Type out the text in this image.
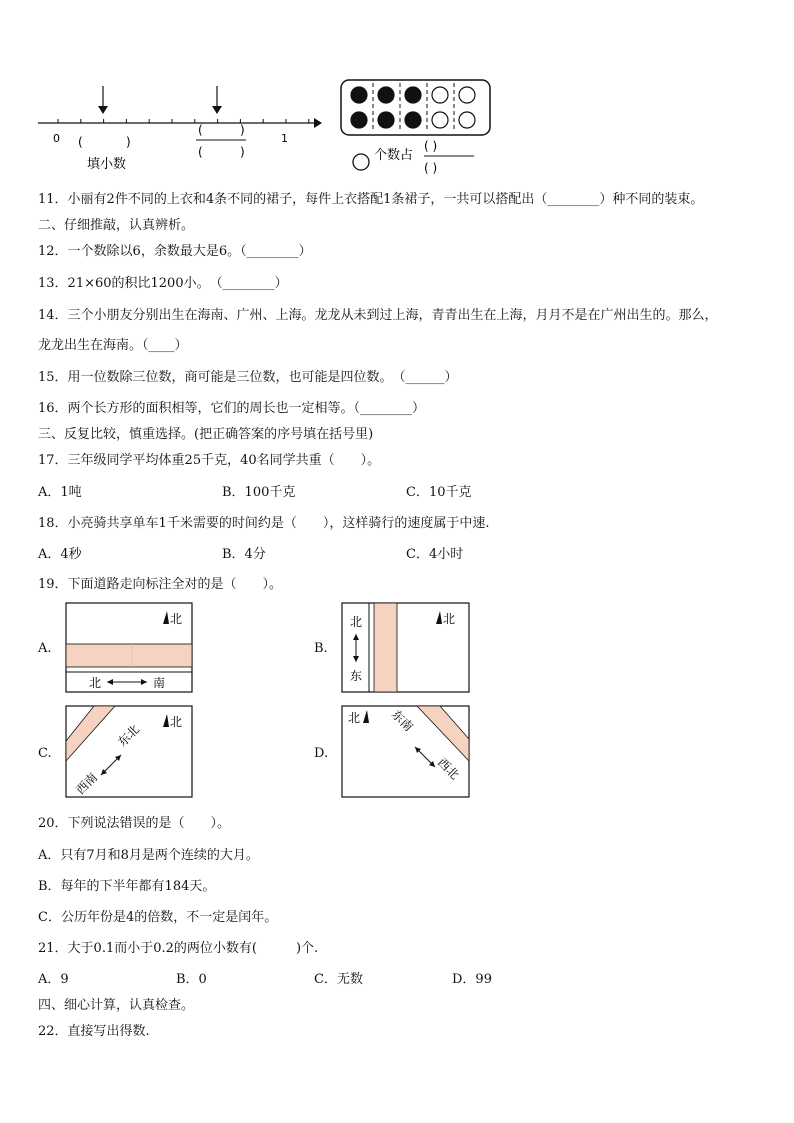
0	1
(	)
(	)
(	)
填小数
个数占
( )
( )
11．小丽有2件不同的上衣和4条不同的裙子，每件上衣搭配1条裙子，一共可以搭配出（________）种不同的装束。
二、仔细推敲，认真辨析。
12．一个数除以6，余数最大是6。（________）
13．21×60的积比1200小。　（________）
14．三个小朋友分别出生在海南、广州、上海。龙龙从未到过上海，青青出生在上海，月月不是在广州出生的。那么，
龙龙出生在海南。（____）
15．用一位数除三位数，商可能是三位数，也可能是四位数。　（______）
16．两个长方形的面积相等，它们的周长也一定相等。（________）
三、反复比较，慎重选择。(把正确答案的序号填在括号里)
17．三年级同学平均体重25千克，40名同学共重（　　）。
A．1吨	B．100千克	C．10千克
18．小亮骑共享单车1千米需要的时间约是（　　），这样骑行的速度属于中速.
A．4秒	B．4分	C．4小时
19．下面道路走向标注全对的是（　　）。
A.	B.
C.	D.
北
北	南
北
东
北
北
东北
西南
北 东南
西北
20．下列说法错误的是（　　）。
A．只有7月和8月是两个连续的大月。
B．每年的下半年都有184天。
C．公历年份是4的倍数，不一定是闰年。
21．大于0.1而小于0.2的两位小数有(　　　)个.
A．9	B．0	C．无数	D．99
四、细心计算，认真检查。
22．直接写出得数.
